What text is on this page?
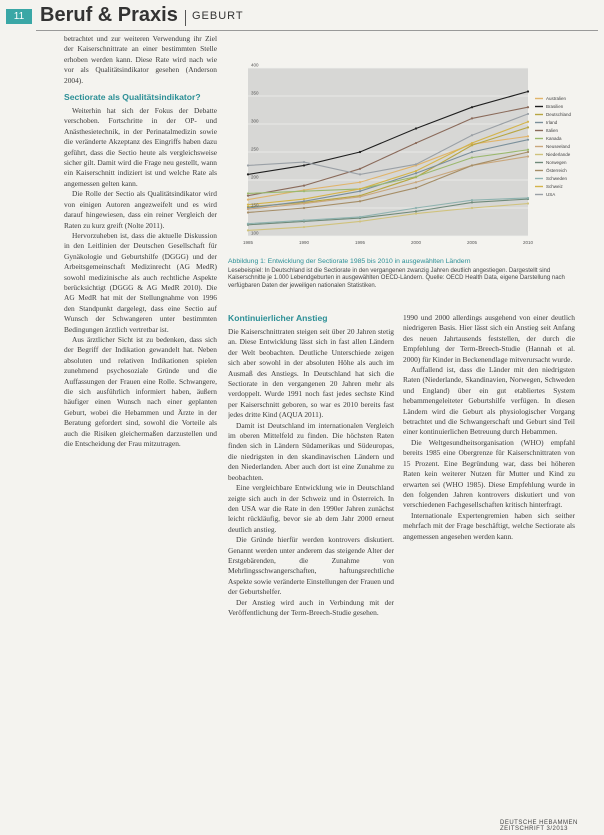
11 Beruf & Praxis GEBURT

betrachtet und zur weiteren Verwendung ihr Ziel der Kaiserschnittrate an einer bestimmten Stelle erhoben werden kann. Diese Rate wird nach wie vor als Qualitätsindikator gesehen (Anderson 2004).

Sectiorate als Qualitätsindikator?

Weiterhin hat sich der Fokus der Debatte verschoben. Fortschritte in der OP- und Anästhesietechnik, in der Perinatalmedizin sowie die veränderte Akzeptanz des Eingriffs haben dazu geführt, dass die Sectio heute als vergleichsweise sicher gilt. Damit wird die Frage neu gestellt, wann ein Kaiserschnitt indiziert ist und welche Rate als angemessen gelten kann.

Die Rolle der Sectio als Qualitätsindikator wird von einigen Autoren angezweifelt und es wird darauf hingewiesen, dass ein reiner Vergleich der Raten zu kurz greift (Nolte 2011).

Hervorzuheben ist, dass die aktuelle Diskussion in den Leitlinien der Deutschen Gesellschaft für Gynäkologie und Geburtshilfe (DGGG) und der Arbeitsgemeinschaft Medizinrecht (AG MedR) sowohl medizinische als auch rechtliche Aspekte berücksichtigt (DGGG & AG MedR 2010). Die AG MedR hat mit der Stellungnahme von 1996 den Standpunkt dargelegt, dass eine Sectio auf Wunsch der Schwangeren unter bestimmten Bedingungen ärztlich vertretbar ist.

Aus ärztlicher Sicht ist zu bedenken, dass sich der Begriff der Indikation gewandelt hat. Neben absoluten und relativen Indikationen spielen zunehmend psychosoziale Gründe und die Auffassungen der Frauen eine Rolle. Schwangere, die sich ausführlich informiert haben, äußern häufiger einen Wunsch nach einer geplanten Geburt, wobei die Hebammen und Ärzte in der Beratung gefordert sind, sowohl die Vorteile als auch die Risiken gleichermaßen darzustellen und die Entscheidung der Frau mitzutragen.

400
350
300
250
200
150
100
1985	1990	1995	2000	2005	2010
Australien
Brasilien
Deutschland
Irland
Italien
Kanada
Neuseeland
Niederlande
Norwegen
Österreich
Schweden
Schweiz
USA
Abbildung 1: Entwicklung der Sectiorate 1985 bis 2010 in ausgewählten Ländern
Lesebeispiel: In Deutschland ist die Sectiorate in den vergangenen zwanzig Jahren deutlich angestiegen. Dargestellt sind Kaiserschnitte je 1.000 Lebendgeburten in ausgewählten OECD-Ländern. Quelle: OECD Health Data, eigene Darstellung nach verfügbaren Daten der jeweiligen nationalen Statistiken.
Kontinuierlicher Anstieg

Die Kaiserschnittraten steigen seit über 20 Jahren stetig an. Diese Entwicklung lässt sich in fast allen Ländern der Welt beobachten. Deutliche Unterschiede zeigen sich aber sowohl in der absoluten Höhe als auch im Ausmaß des Anstiegs. In Deutschland hat sich die Sectiorate in den vergangenen 20 Jahren mehr als verdoppelt. Wurde 1991 noch fast jedes sechste Kind per Kaiserschnitt geboren, so war es 2010 bereits fast jedes dritte Kind (AQUA 2011).

Damit ist Deutschland im internationalen Vergleich im oberen Mittelfeld zu finden. Die höchsten Raten finden sich in Ländern Südamerikas und Südeuropas, die niedrigsten in den skandinavischen Ländern und den Niederlanden. Aber auch dort ist eine Zunahme zu beobachten.

Eine vergleichbare Entwicklung wie in Deutschland zeigte sich auch in der Schweiz und in Österreich. In den USA war die Rate in den 1990er Jahren zunächst leicht rückläufig, bevor sie ab dem Jahr 2000 erneut deutlich anstieg.

Die Gründe hierfür werden kontrovers diskutiert. Genannt werden unter anderem das steigende Alter der Erstgebärenden, die Zunahme von Mehrlingsschwangerschaften, haftungsrechtliche Aspekte sowie veränderte Einstellungen der Frauen und der Geburtshelfer.

Der Anstieg wird auch in Verbindung mit der Veröffentlichung der Term-Breech-Studie gesehen.

1990 und 2000 allerdings ausgehend von einer deutlich niedrigeren Basis. Hier lässt sich ein Anstieg seit Anfang des neuen Jahrtausends feststellen, der durch die Empfehlung der Term-Breech-Studie (Hannah et al. 2000) für Kinder in Beckenendlage mitverursacht wurde.

Auffallend ist, dass die Länder mit den niedrigsten Raten (Niederlande, Skandinavien, Norwegen, Schweden und England) über ein gut etabliertes System hebammengeleiteter Geburtshilfe verfügen. In diesen Ländern wird die Geburt als physiologischer Vorgang betrachtet und die Schwangerschaft und Geburt sind Teil einer kontinuierlichen Betreuung durch Hebammen.

Die Weltgesundheitsorganisation (WHO) empfahl bereits 1985 eine Obergrenze für Kaiserschnittraten von 15 Prozent. Eine Begründung war, dass bei höheren Raten kein weiterer Nutzen für Mutter und Kind zu erwarten sei (WHO 1985). Diese Empfehlung wurde in den folgenden Jahren kontrovers diskutiert und von verschiedenen Fachgesellschaften kritisch hinterfragt.

Internationale Expertengremien haben sich seither mehrfach mit der Frage beschäftigt, welche Sectiorate als angemessen angesehen werden kann.

DEUTSCHE HEBAMMEN ZEITSCHRIFT 3/2013
